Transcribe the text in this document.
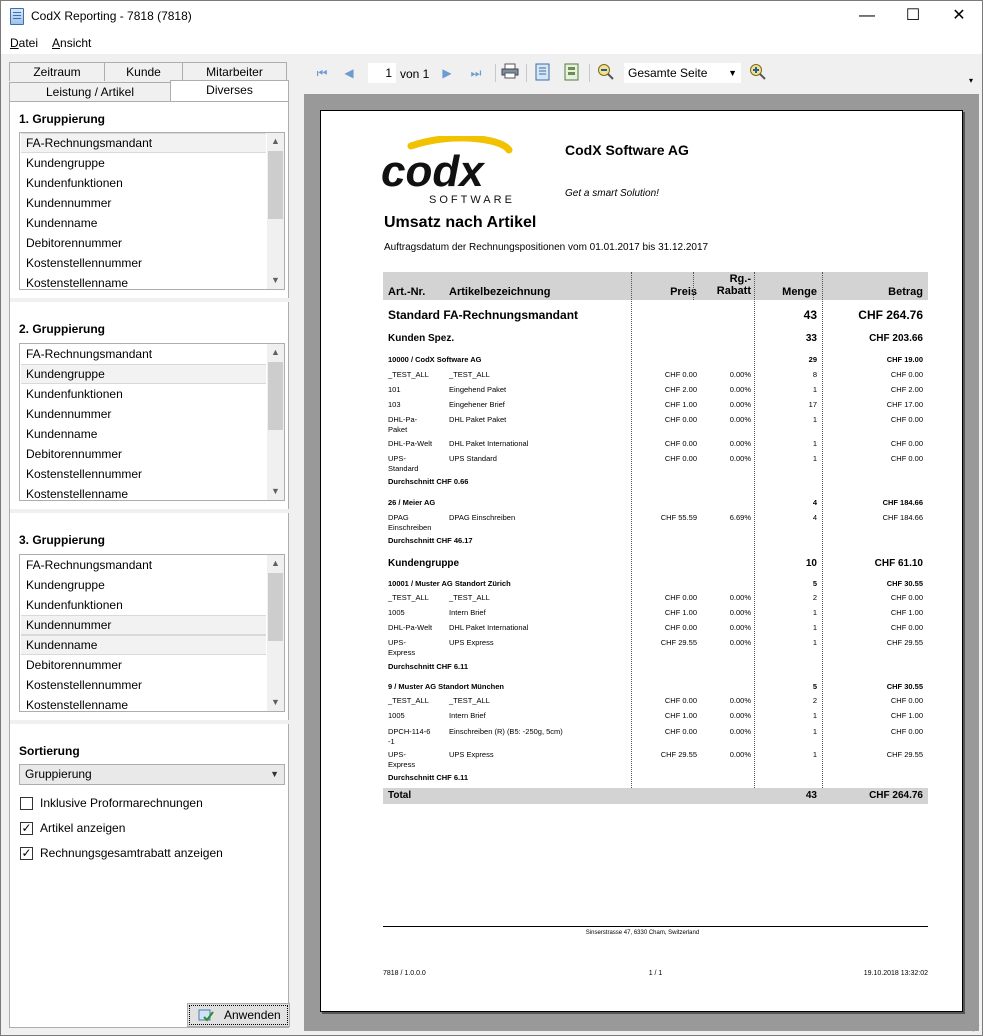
CodX Reporting - 7818 (7818)	—	☐	✕
Datei Ansicht
Zeitraum	Kunde	Mitarbeiter
Leistung / Artikel	Diverses
1. Gruppierung
FA-Rechnungsmandant
Kundengruppe
Kundenfunktionen
Kundennummer
Kundenname
Debitorennummer
Kostenstellennummer
Kostenstellenname
▲
▼
2. Gruppierung
FA-Rechnungsmandant
Kundengruppe
Kundenfunktionen
Kundennummer
Kundenname
Debitorennummer
Kostenstellennummer
Kostenstellenname
▲
▼
3. Gruppierung
FA-Rechnungsmandant
Kundengruppe
Kundenfunktionen
Kundennummer
Kundenname
Debitorennummer
Kostenstellennummer
Kostenstellenname
▲
▼
Sortierung
Gruppierung	▼
Inklusive Proformarechnungen
✓ Artikel anzeigen
✓ Rechnungsgesamtrabatt anzeigen
Anwenden
⏮	◀	1 von 1	▶	⏭	Gesamte Seite ▼
▾
codx
SOFTWARE
CodX Software AG
Get a smart Solution!
Umsatz nach Artikel
Auftragsdatum der Rechnungspositionen vom 01.01.2017 bis 31.12.2017
Art.-Nr. Artikelbezeichnung	Preis
Rg.-
Rabatt	Menge	Betrag
Standard FA-Rechnungsmandant	43	CHF 264.76
Kunden Spez.	33	CHF 203.66
10000 / CodX Software AG	29	CHF 19.00
_TEST_ALL	_TEST_ALL	CHF 0.00	0.00%	8	CHF 0.00
101	Eingehend Paket	CHF 2.00	0.00%	1	CHF 2.00
103	Eingehener Brief	CHF 1.00	0.00%	17	CHF 17.00
DHL-Pa-
Paket
DHL Paket Paket	CHF 0.00	0.00%	1	CHF 0.00
DHL-Pa-Welt DHL Paket International	CHF 0.00	0.00%	1	CHF 0.00
UPS-
Standard
UPS Standard	CHF 0.00	0.00%	1	CHF 0.00
Durchschnitt CHF 0.66
26 / Meier AG	4	CHF 184.66
DPAG
Einschreiben
DPAG Einschreiben	CHF 55.59	6.69%	4	CHF 184.66
Durchschnitt CHF 46.17
Kundengruppe	10	CHF 61.10
10001 / Muster AG Standort Zürich	5	CHF 30.55
_TEST_ALL	_TEST_ALL	CHF 0.00	0.00%	2	CHF 0.00
1005	Intern Brief	CHF 1.00	0.00%	1	CHF 1.00
DHL-Pa-Welt DHL Paket International	CHF 0.00	0.00%	1	CHF 0.00
UPS-
Express
UPS Express	CHF 29.55	0.00%	1	CHF 29.55
Durchschnitt CHF 6.11
9 / Muster AG Standort München	5	CHF 30.55
_TEST_ALL	_TEST_ALL	CHF 0.00	0.00%	2	CHF 0.00
1005	Intern Brief	CHF 1.00	0.00%	1	CHF 1.00
DPCH-114-6
-1
Einschreiben (R) (B5: -250g, 5cm)	CHF 0.00	0.00%	1	CHF 0.00
UPS-
Express
UPS Express	CHF 29.55	0.00%	1	CHF 29.55
Durchschnitt CHF 6.11
Total	43	CHF 264.76
Sinserstrasse 47, 6330 Cham, Switzerland
7818 / 1.0.0.0	1 / 1	19.10.2018 13:32:02
⋰
